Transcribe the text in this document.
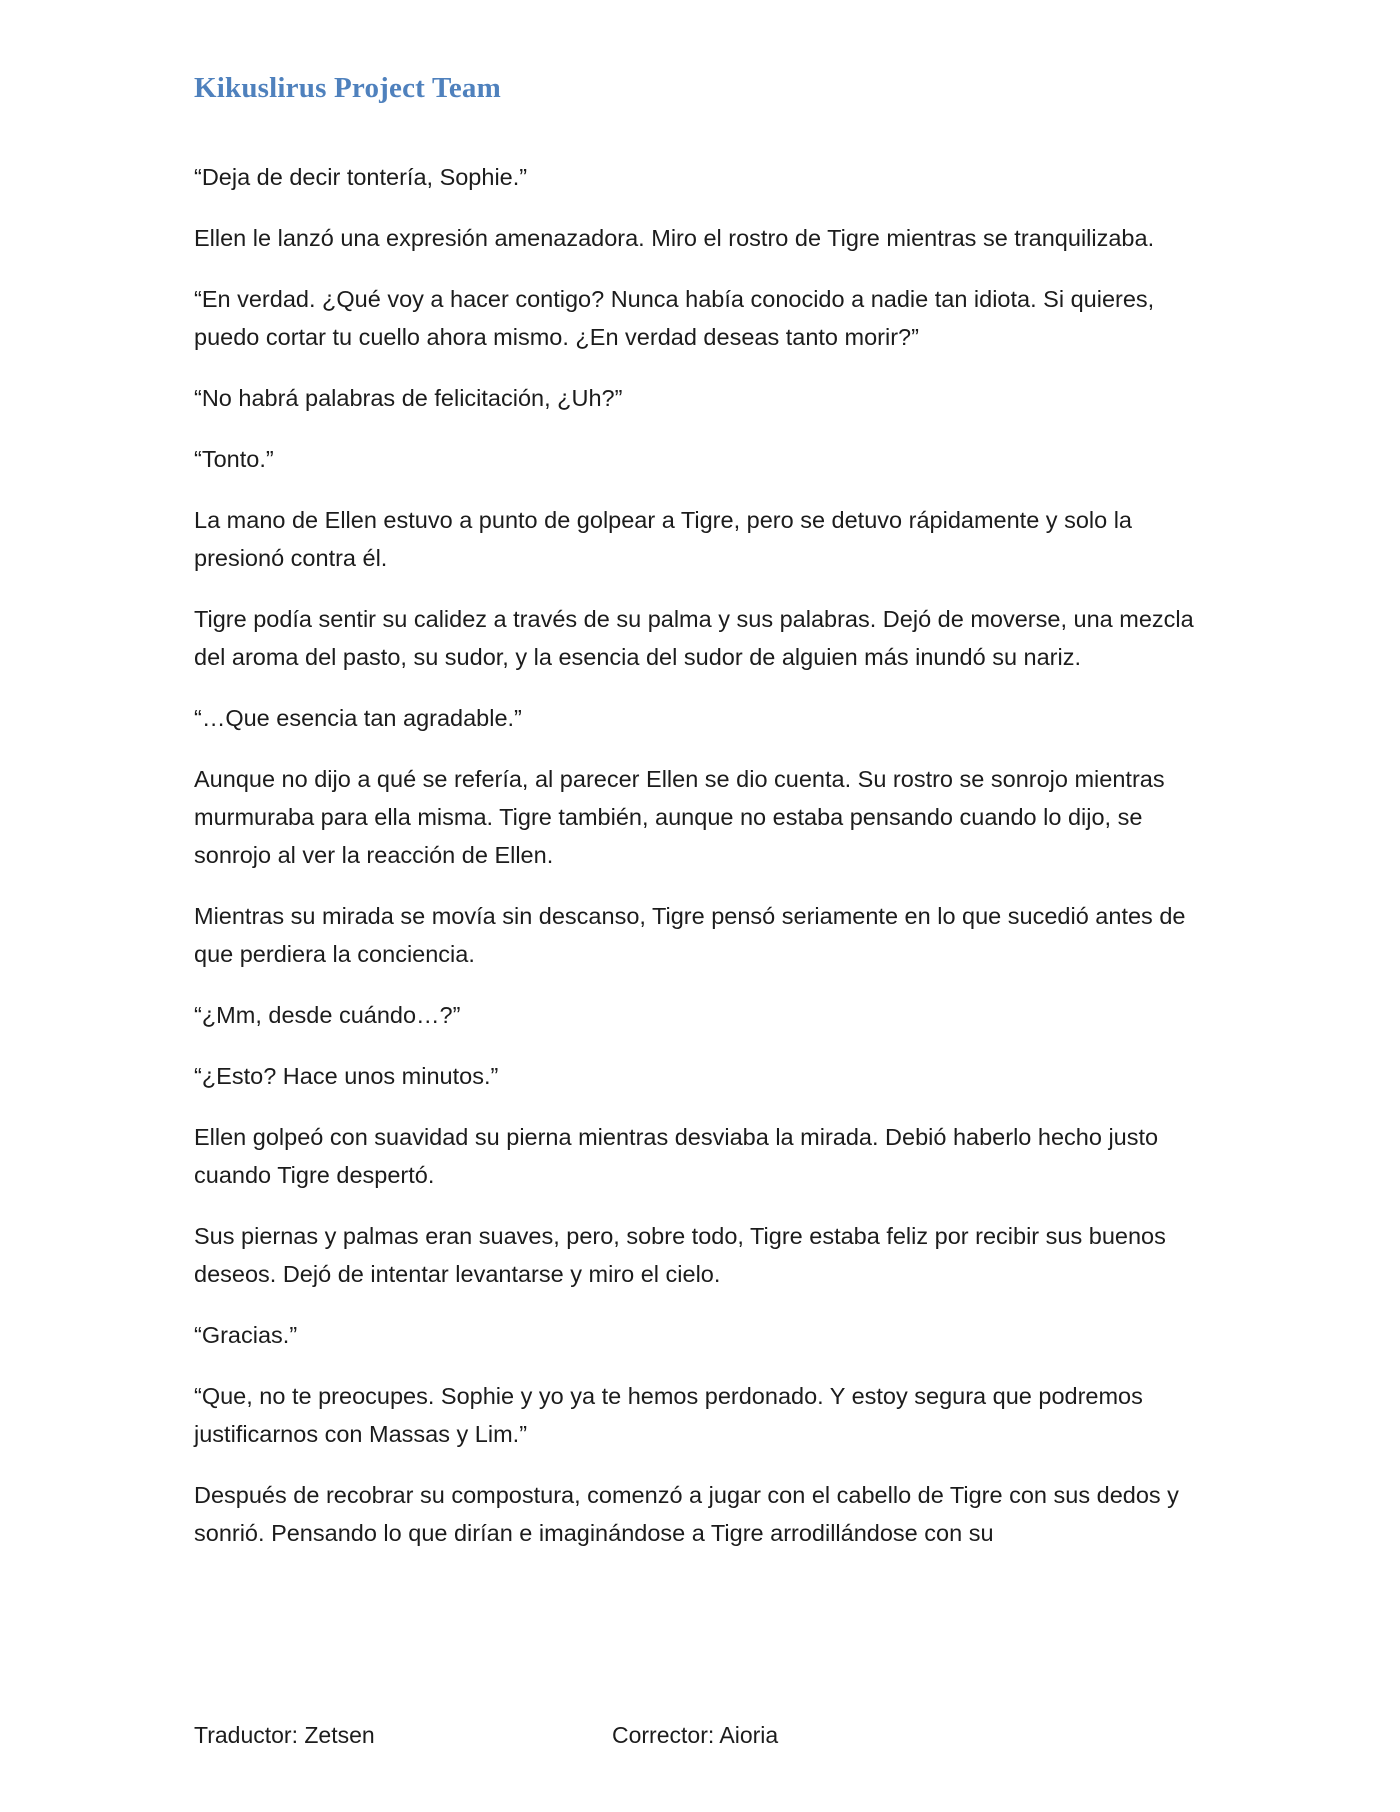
Kikuslirus Project Team

“Deja de decir tontería, Sophie.”

Ellen le lanzó una expresión amenazadora. Miro el rostro de Tigre mientras se tranquilizaba.

“En verdad. ¿Qué voy a hacer contigo? Nunca había conocido a nadie tan idiota. Si quieres, puedo cortar tu cuello ahora mismo. ¿En verdad deseas tanto morir?”

“No habrá palabras de felicitación, ¿Uh?”

“Tonto.”

La mano de Ellen estuvo a punto de golpear a Tigre, pero se detuvo rápidamente y solo la presionó contra él.

Tigre podía sentir su calidez a través de su palma y sus palabras. Dejó de moverse, una mezcla del aroma del pasto, su sudor, y la esencia del sudor de alguien más inundó su nariz.

“…Que esencia tan agradable.”

Aunque no dijo a qué se refería, al parecer Ellen se dio cuenta. Su rostro se sonrojo mientras murmuraba para ella misma. Tigre también, aunque no estaba pensando cuando lo dijo, se sonrojo al ver la reacción de Ellen.

Mientras su mirada se movía sin descanso, Tigre pensó seriamente en lo que sucedió antes de que perdiera la conciencia.

“¿Mm, desde cuándo…?”

“¿Esto? Hace unos minutos.”

Ellen golpeó con suavidad su pierna mientras desviaba la mirada. Debió haberlo hecho justo cuando Tigre despertó.

Sus piernas y palmas eran suaves, pero, sobre todo, Tigre estaba feliz por recibir sus buenos deseos. Dejó de intentar levantarse y miro el cielo.

“Gracias.”

“Que, no te preocupes. Sophie y yo ya te hemos perdonado. Y estoy segura que podremos justificarnos con Massas y Lim.”

Después de recobrar su compostura, comenzó a jugar con el cabello de Tigre con sus dedos y sonrió. Pensando lo que dirían e imaginándose a Tigre arrodillándose con su

Traductor: Zetsen	Corrector: Aioria
